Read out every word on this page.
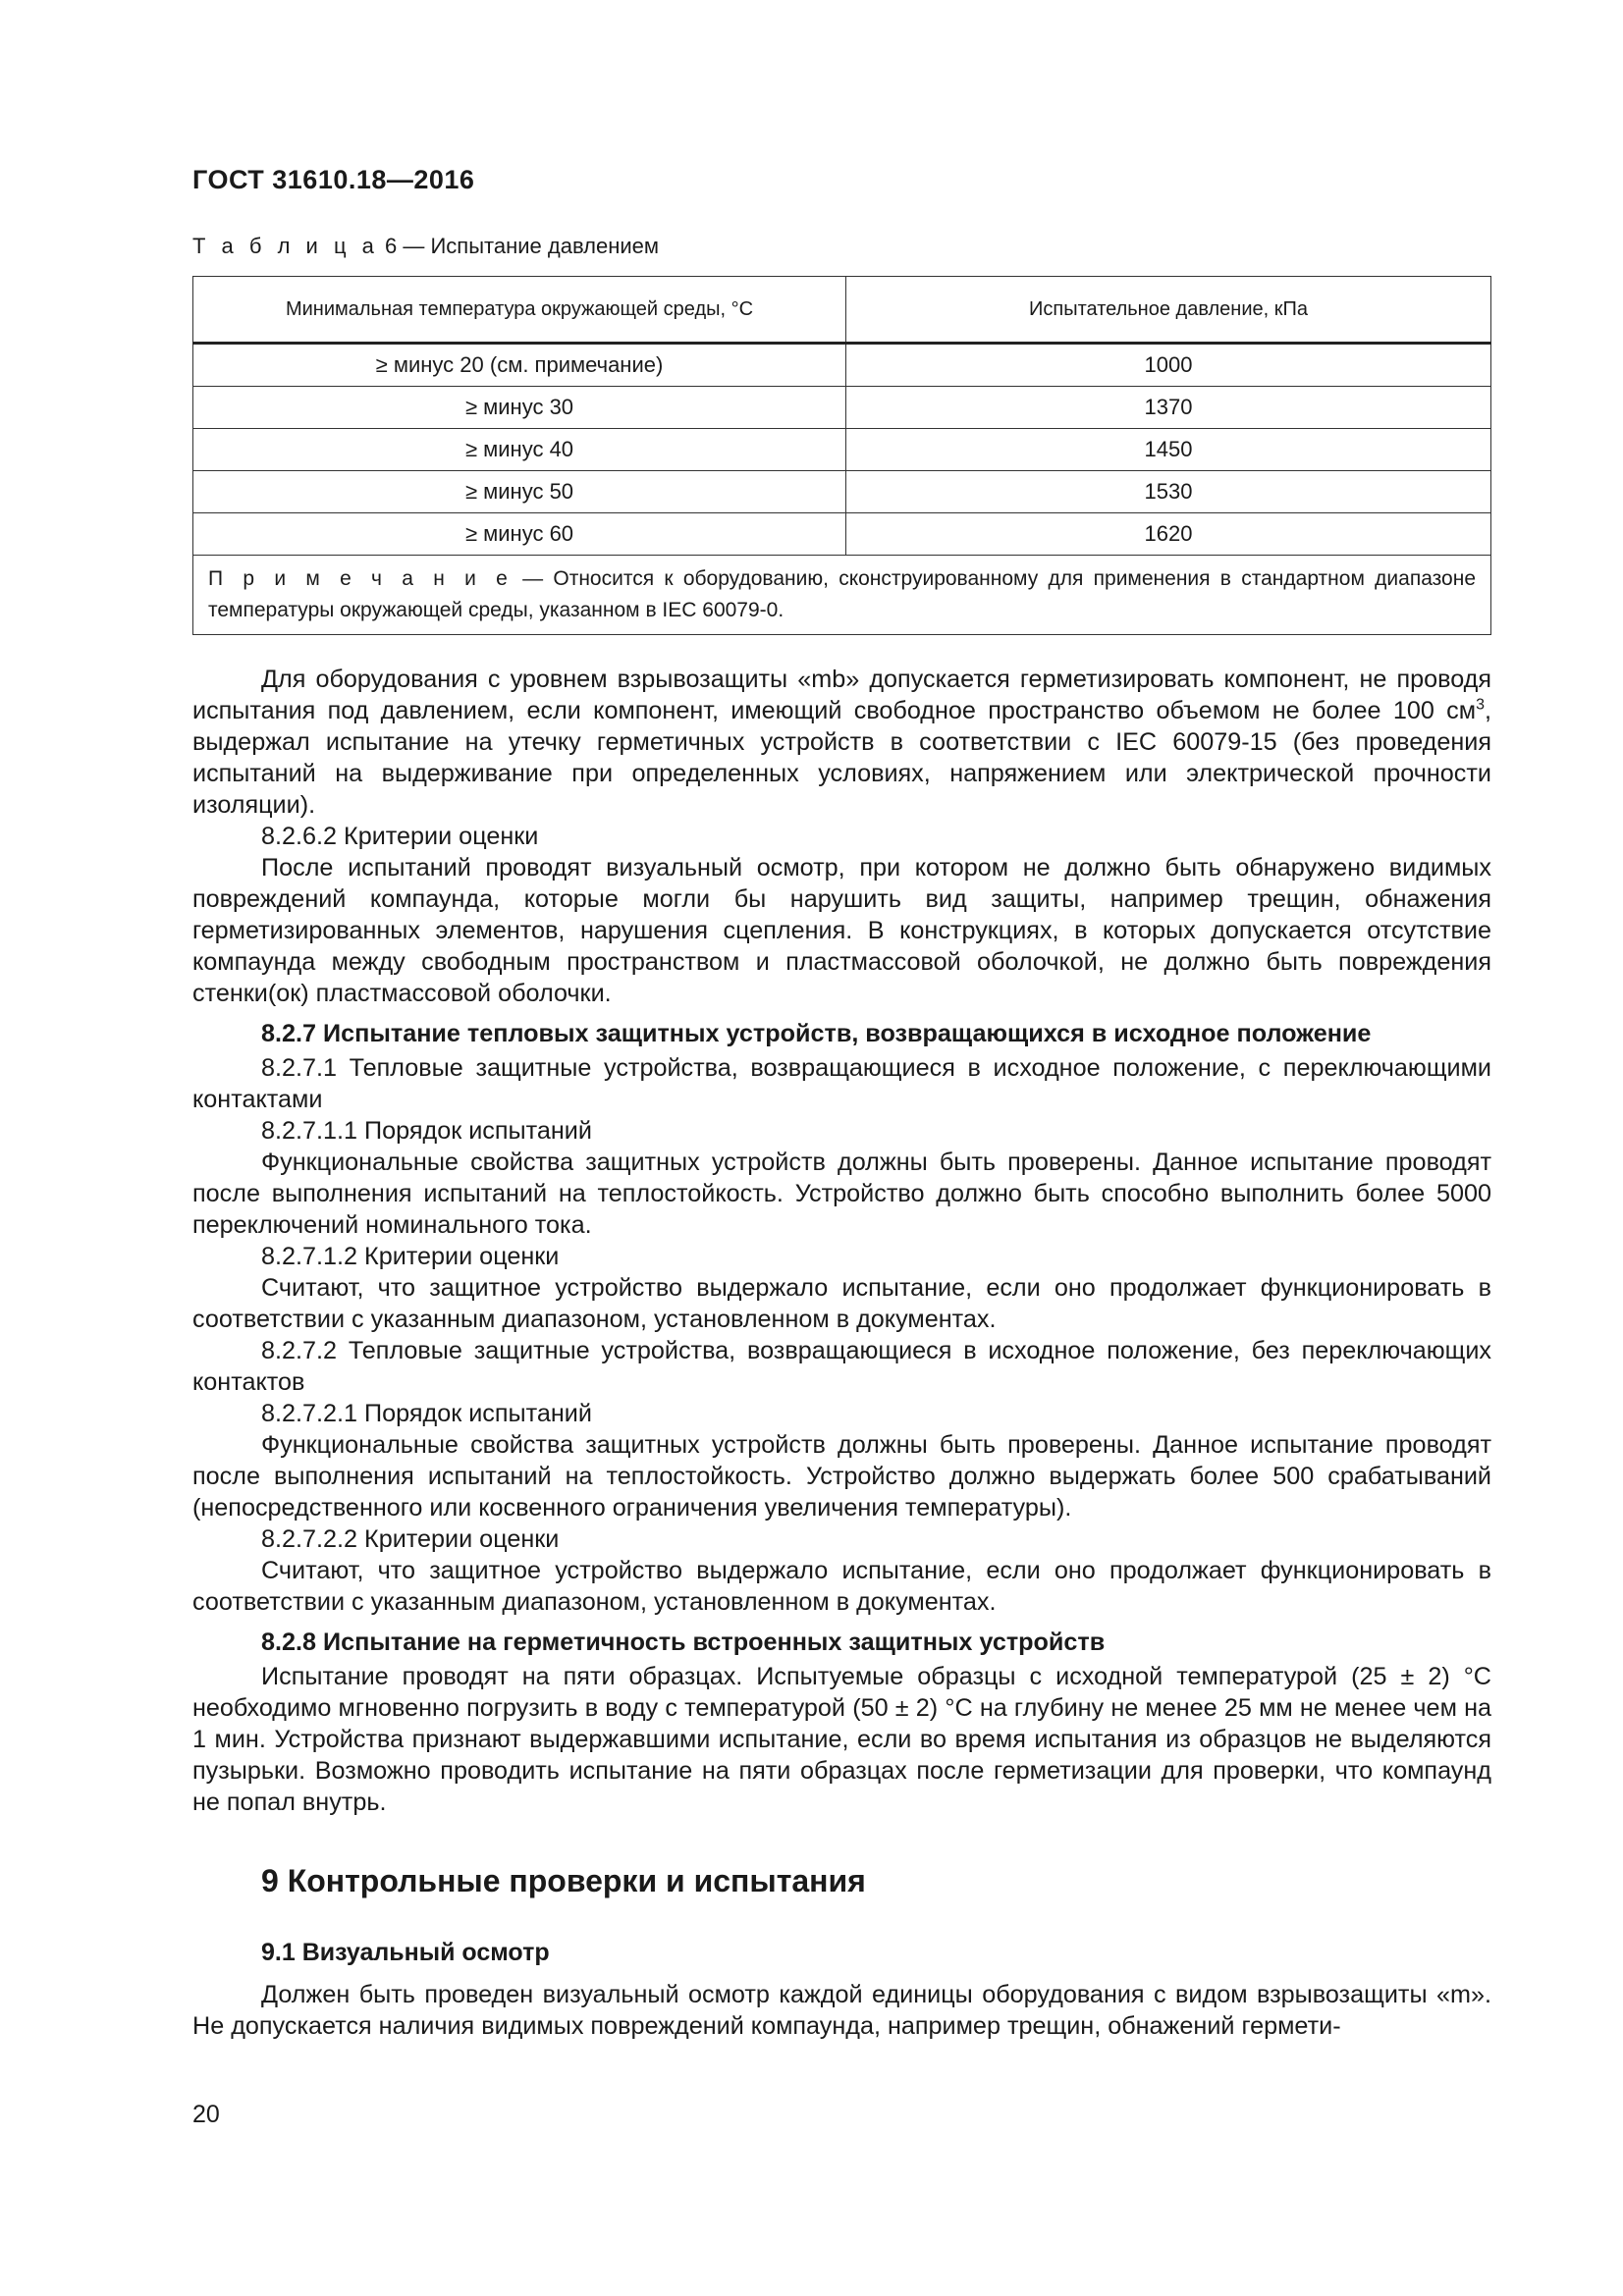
ГОСТ 31610.18—2016
Т а б л и ц а 6 — Испытание давлением
Минимальная температура окружающей среды, °С	Испытательное давление, кПа
≥ минус 20 (см. примечание)	1000
≥ минус 30	1370
≥ минус 40	1450
≥ минус 50	1530
≥ минус 60	1620
П р и м е ч а н и е — Относится к оборудованию, сконструированному для применения в стандартном диапазоне температуры окружающей среды, указанном в IEC 60079-0.	

Для оборудования с уровнем взрывозащиты «mb» допускается герметизировать компонент, не проводя испытания под давлением, если компонент, имеющий свободное пространство объемом не более 100 $см^3$, выдержал испытание на утечку герметичных устройств в соответствии с IEC 60079-15 (без проведения испытаний на выдерживание при определенных условиях, напряжением или электрической прочности изоляции).

8.2.6.2 Критерии оценки

После испытаний проводят визуальный осмотр, при котором не должно быть обнаружено видимых повреждений компаунда, которые могли бы нарушить вид защиты, например трещин, обнажения герметизированных элементов, нарушения сцепления. В конструкциях, в которых допускается отсутствие компаунда между свободным пространством и пластмассовой оболочкой, не должно быть повреждения стенки(ок) пластмассовой оболочки.

8.2.7 Испытание тепловых защитных устройств, возвращающихся в исходное положение

8.2.7.1 Тепловые защитные устройства, возвращающиеся в исходное положение, с переключающими контактами

8.2.7.1.1 Порядок испытаний

Функциональные свойства защитных устройств должны быть проверены. Данное испытание проводят после выполнения испытаний на теплостойкость. Устройство должно быть способно выполнить более 5000 переключений номинального тока.

8.2.7.1.2 Критерии оценки

Считают, что защитное устройство выдержало испытание, если оно продолжает функционировать в соответствии с указанным диапазоном, установленном в документах.

8.2.7.2 Тепловые защитные устройства, возвращающиеся в исходное положение, без переключающих контактов

8.2.7.2.1 Порядок испытаний

Функциональные свойства защитных устройств должны быть проверены. Данное испытание проводят после выполнения испытаний на теплостойкость. Устройство должно выдержать более 500 срабатываний (непосредственного или косвенного ограничения увеличения температуры).

8.2.7.2.2 Критерии оценки

Считают, что защитное устройство выдержало испытание, если оно продолжает функционировать в соответствии с указанным диапазоном, установленном в документах.

8.2.8 Испытание на герметичность встроенных защитных устройств

Испытание проводят на пяти образцах. Испытуемые образцы с исходной температурой (25 ± 2) °С необходимо мгновенно погрузить в воду с температурой (50 ± 2) °С на глубину не менее 25 мм не менее чем на 1 мин. Устройства признают выдержавшими испытание, если во время испытания из образцов не выделяются пузырьки. Возможно проводить испытание на пяти образцах после герметизации для проверки, что компаунд не попал внутрь.

9 Контрольные проверки и испытания
9.1 Визуальный осмотр

Должен быть проведен визуальный осмотр каждой единицы оборудования с видом взрывозащиты «m». Не допускается наличия видимых повреждений компаунда, например трещин, обнажений гермети-

20
